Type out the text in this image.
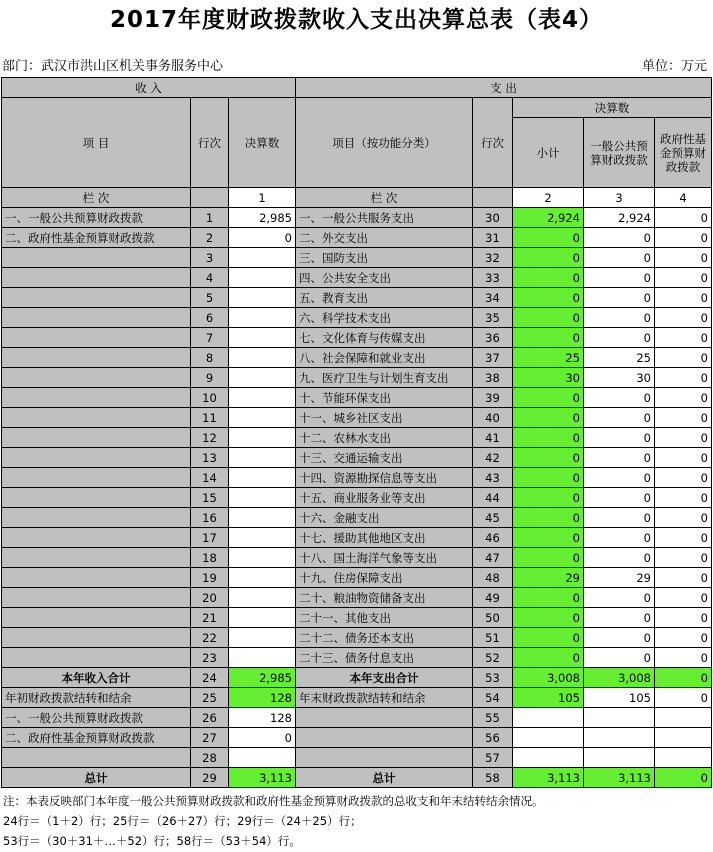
2017年度财政拨款收入支出决算总表（表4）
部门：武汉市洪山区机关事务服务中心	单位：万元
收 入			支 出				
项 目	行次	决算数	项目（按功能分类）	行次	决算数		
					小计	一般公共预算财政拨款	政府性基金预算财政拨款
栏 次		1	栏 次		2	3	4
一、一般公共预算财政拨款	1	2,985	一、一般公共服务支出	30	2,924	2,924	0
二、政府性基金预算财政拨款	2	0	二、外交支出	31	0	0	0
	3		三、国防支出	32	0	0	0
	4		四、公共安全支出	33	0	0	0
	5		五、教育支出	34	0	0	0
	6		六、科学技术支出	35	0	0	0
	7		七、文化体育与传媒支出	36	0	0	0
	8		八、社会保障和就业支出	37	25	25	0
	9		九、医疗卫生与计划生育支出	38	30	30	0
	10		十、节能环保支出	39	0	0	0
	11		十一、城乡社区支出	40	0	0	0
	12		十二、农林水支出	41	0	0	0
	13		十三、交通运输支出	42	0	0	0
	14		十四、资源勘探信息等支出	43	0	0	0
	15		十五、商业服务业等支出	44	0	0	0
	16		十六、金融支出	45	0	0	0
	17		十七、援助其他地区支出	46	0	0	0
	18		十八、国土海洋气象等支出	47	0	0	0
	19		十九、住房保障支出	48	29	29	0
	20		二十、粮油物资储备支出	49	0	0	0
	21		二十一、其他支出	50	0	0	0
	22		二十二、债务还本支出	51	0	0	0
	23		二十三、债务付息支出	52	0	0	0
本年收入合计	24	2,985	本年支出合计	53	3,008	3,008	0
年初财政拨款结转和结余	25	128	年末财政拨款结转和结余	54	105	105	0
一、一般公共预算财政拨款	26	128		55			
二、政府性基金预算财政拨款	27	0		56			
	28			57			
总计	29	3,113	总计	58	3,113	3,113	0
注：本表反映部门本年度一般公共预算财政拨款和政府性基金预算财政拨款的总收支和年末结转结余情况。
24行＝（1＋2）行；25行＝（26＋27）行；29行＝（24＋25）行；
53行＝（30＋31＋…＋52）行；58行＝（53＋54）行。
